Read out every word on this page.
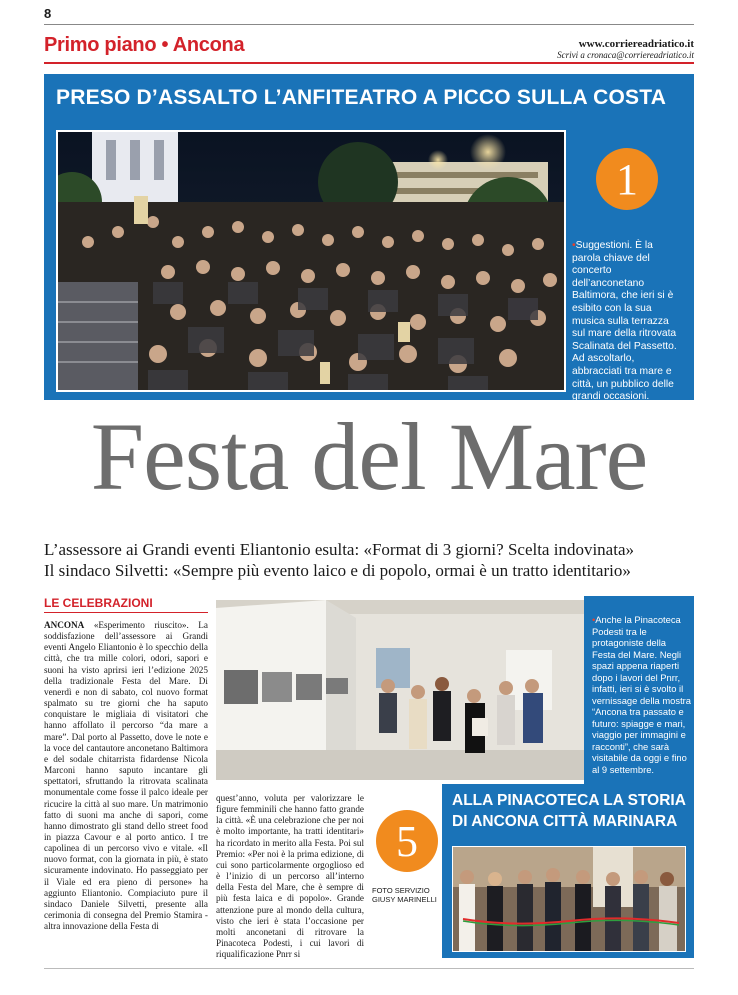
8
Primo piano • Ancona	www.corriereadriatico.it
Scrivi a cronaca@corriereadriatico.it
PRESO D’ASSALTO L’ANFITEATRO A PICCO SULLA COSTA
1
•Suggestioni. È la parola chiave del concerto dell’anconetano Baltimora, che ieri si è esibito con la sua musica sulla terrazza sul mare della ritrovata Scalinata del Passetto. Ad ascoltarlo, abbracciati tra mare e città, un pubblico delle grandi occasioni.
Festa del Mare
L’assessore ai Grandi eventi Eliantonio esulta: «Format di 3 giorni? Scelta indovinata»
Il sindaco Silvetti: «Sempre più evento laico e di popolo, ormai è un tratto identitario»
LE CELEBRAZIONI
ANCONA «Esperimento riuscito». La soddisfazione dell’assessore ai Grandi eventi Angelo Eliantonio è lo specchio della città, che tra mille colori, odori, sapori e suoni ha visto aprirsi ieri l’edizione 2025 della tradizionale Festa del Mare. Di venerdì e non di sabato, col nuovo format spalmato su tre giorni che ha saputo conquistare le migliaia di visitatori che hanno affollato il percorso “da mare a mare”. Dal porto al Passetto, dove le note e la voce del cantautore anconetano Baltimora e del sodale chitarrista fidardense Nicola Marconi hanno saputo incantare gli spettatori, sfruttando la ritrovata scalinata monumentale come fosse il palco ideale per ricucire la città al suo mare. Un matrimonio fatto di suoni ma anche di sapori, come hanno dimostrato gli stand dello street food in piazza Cavour e al porto antico. I tre capolinea di un percorso vivo e vitale. «Il nuovo format, con la giornata in più, è stato sicuramente indovinato. Ho passeggiato per il Viale ed era pieno di persone» ha aggiunto Eliantonio. Compiaciuto pure il sindaco Daniele Silvetti, presente alla cerimonia di consegna del Premio Stamira - altra innovazione della Festa di
quest’anno, voluta per valorizzare le figure femminili che hanno fatto grande la città. «È una celebrazione che per noi è molto importante, ha tratti identitari» ha ricordato in merito alla Festa. Poi sul Premio: «Per noi è la prima edizione, di cui sono particolarmente orgoglioso ed è l’inizio di un percorso all’interno della Festa del Mare, che è sempre di più festa laica e di popolo». Grande attenzione pure al mondo della cultura, visto che ieri è stata l’occasione per molti anconetani di ritrovare la Pinacoteca Podesti, i cui lavori di riqualificazione Pnrr si
•Anche la Pinacoteca Podesti tra le protagoniste della Festa del Mare. Negli spazi appena riaperti dopo i lavori del Pnrr, infatti, ieri si è svolto il vernissage della mostra “Ancona tra passato e futuro: spiagge e mari, viaggio per immagini e racconti”, che sarà visitabile da oggi e fino al 9 settembre.
ALLA PINACOTECA LA STORIA
DI ANCONA CITTÀ MARINARA
5
FOTO SERVIZIO
GIUSY MARINELLI
